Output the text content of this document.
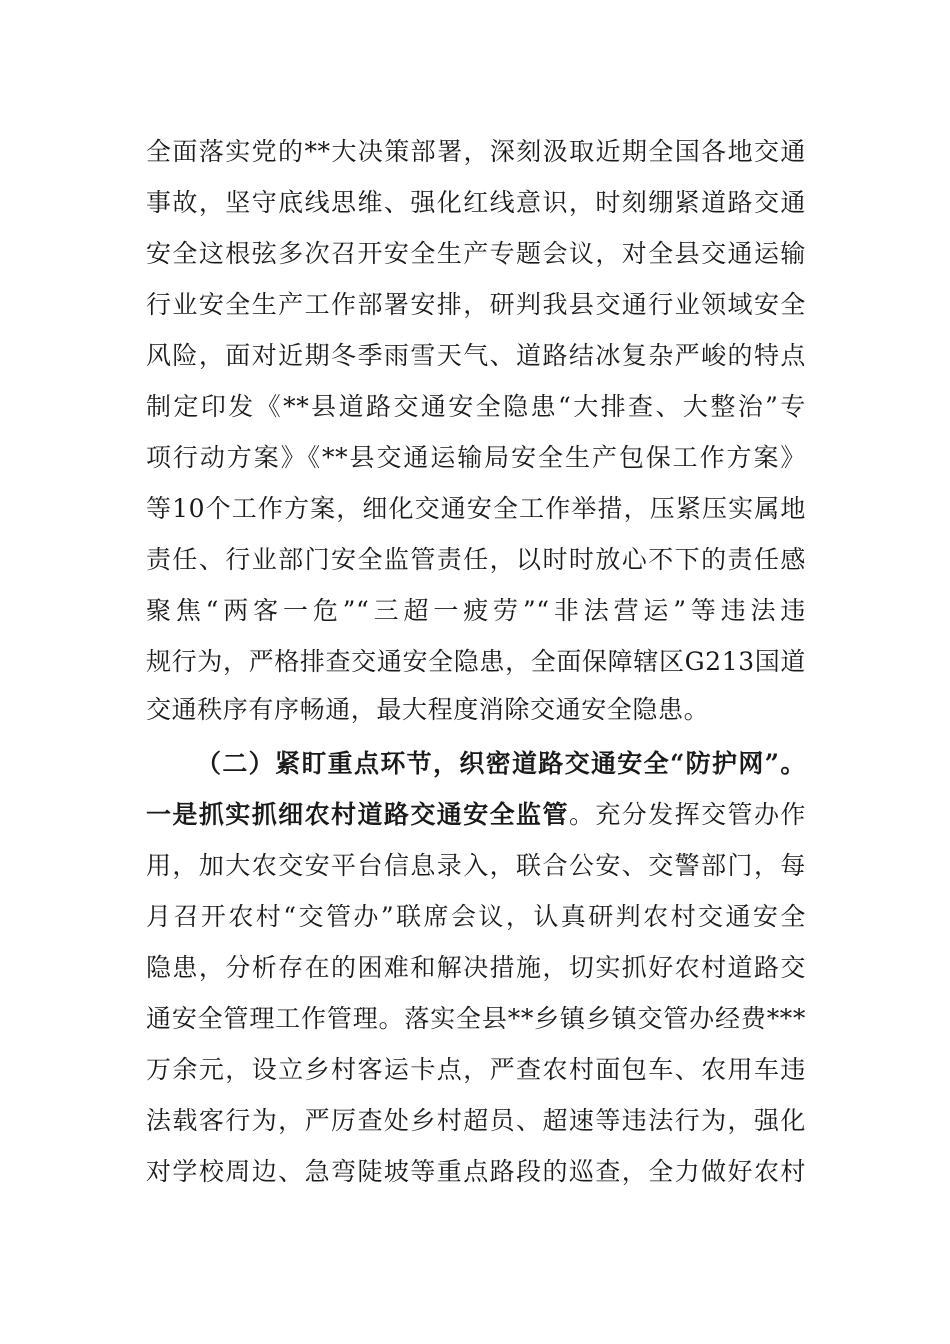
全面落实党的**大决策部署，深刻汲取近期全国各地交通
事故，坚守底线思维、强化红线意识，时刻绷紧道路交通
安全这根弦多次召开安全生产专题会议，对全县交通运输
行业安全生产工作部署安排，研判我县交通行业领域安全
风险，面对近期冬季雨雪天气、道路结冰复杂严峻的特点
制定印发《**县道路交通安全隐患“大排查、大整治”专
项行动方案》《**县交通运输局安全生产包保工作方案》
等10个工作方案，细化交通安全工作举措，压紧压实属地
责任、行业部门安全监管责任，以时时放心不下的责任感
聚焦“两客一危”“三超一疲劳”“非法营运”等违法违
规行为，严格排查交通安全隐患，全面保障辖区G213国道
交通秩序有序畅通，最大程度消除交通安全隐患。
（二）紧盯重点环节，织密道路交通安全“防护网”。
一是抓实抓细农村道路交通安全监管。充分发挥交管办作
用，加大农交安平台信息录入，联合公安、交警部门，每
月召开农村“交管办”联席会议，认真研判农村交通安全
隐患，分析存在的困难和解决措施，切实抓好农村道路交
通安全管理工作管理。落实全县**乡镇乡镇交管办经费***
万余元，设立乡村客运卡点，严查农村面包车、农用车违
法载客行为，严厉查处乡村超员、超速等违法行为，强化
对学校周边、急弯陡坡等重点路段的巡查，全力做好农村
